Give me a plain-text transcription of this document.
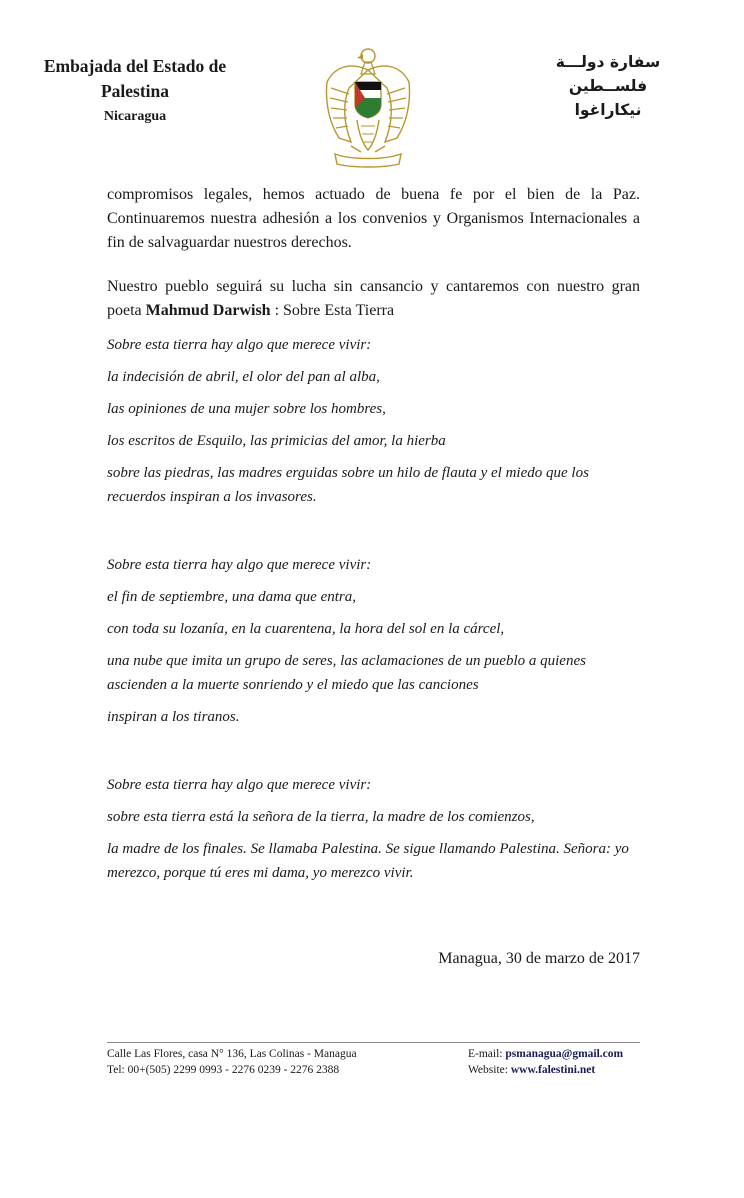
Embajada del Estado de
Palestina
Nicaragua
سفارة دولـــة
فلســطين
نيكاراغوا

compromisos legales, hemos actuado de buena fe por el bien de la Paz. Continuaremos nuestra adhesión a los convenios y Organismos Internacionales a fin de salvaguardar nuestros derechos.

Nuestro pueblo seguirá su lucha sin cansancio y cantaremos con nuestro gran poeta Mahmud Darwish : Sobre Esta Tierra

Sobre esta tierra hay algo que merece vivir:

la indecisión de abril, el olor del pan al alba,

las opiniones de una mujer sobre los hombres,

los escritos de Esquilo, las primicias del amor, la hierba

sobre las piedras, las madres erguidas sobre un hilo de flauta y el miedo que los recuerdos inspiran a los invasores.

Sobre esta tierra hay algo que merece vivir:

el fin de septiembre, una dama que entra,

con toda su lozanía, en la cuarentena, la hora del sol en la cárcel,

una nube que imita un grupo de seres, las aclamaciones de un pueblo a quienes ascienden a la muerte sonriendo y el miedo que las canciones

inspiran a los tiranos.

Sobre esta tierra hay algo que merece vivir:

sobre esta tierra está la señora de la tierra, la madre de los comienzos,

la madre de los finales. Se llamaba Palestina. Se sigue llamando Palestina. Señora: yo merezco, porque tú eres mi dama, yo merezco vivir.

Managua, 30 de marzo de 2017
Calle Las Flores, casa N° 136, Las Colinas - Managua
Tel: 00+(505) 2299 0993 - 2276 0239 - 2276 2388
E-mail: psmanagua@gmail.com
Website: www.falestini.net
